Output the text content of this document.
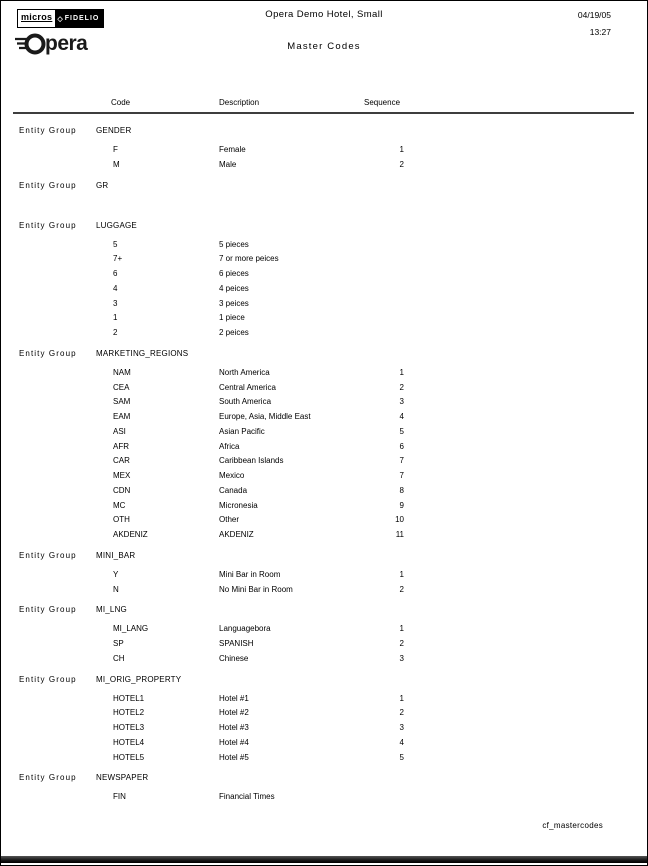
micros ◇ FIDELIO
pera
Opera Demo Hotel, Small
Master Codes
04/19/05
13:27
Code	Description	Sequence
Entity Group GENDER
F	Female	1
M	Male	2
Entity Group GR
Entity Group LUGGAGE
5	5 pieces
7+	7 or more peices
6	6 pieces
4	4 peices
3	3 peices
1	1 piece
2	2 peices
Entity Group MARKETING_REGIONS
NAM	North America	1
CEA	Central America	2
SAM	South America	3
EAM	Europe, Asia, Middle East	4
ASI	Asian Pacific	5
AFR	Africa	6
CAR	Caribbean Islands	7
MEX	Mexico	7
CDN	Canada	8
MC	Micronesia	9
OTH	Other	10
AKDENIZ	AKDENIZ	11
Entity Group MINI_BAR
Y	Mini Bar in Room	1
N	No Mini Bar in Room	2
Entity Group MI_LNG
MI_LANG	Languagebora	1
SP	SPANISH	2
CH	Chinese	3
Entity Group MI_ORIG_PROPERTY
HOTEL1	Hotel #1	1
HOTEL2	Hotel #2	2
HOTEL3	Hotel #3	3
HOTEL4	Hotel #4	4
HOTEL5	Hotel #5	5
Entity Group NEWSPAPER
FIN	Financial Times
cf_mastercodes
